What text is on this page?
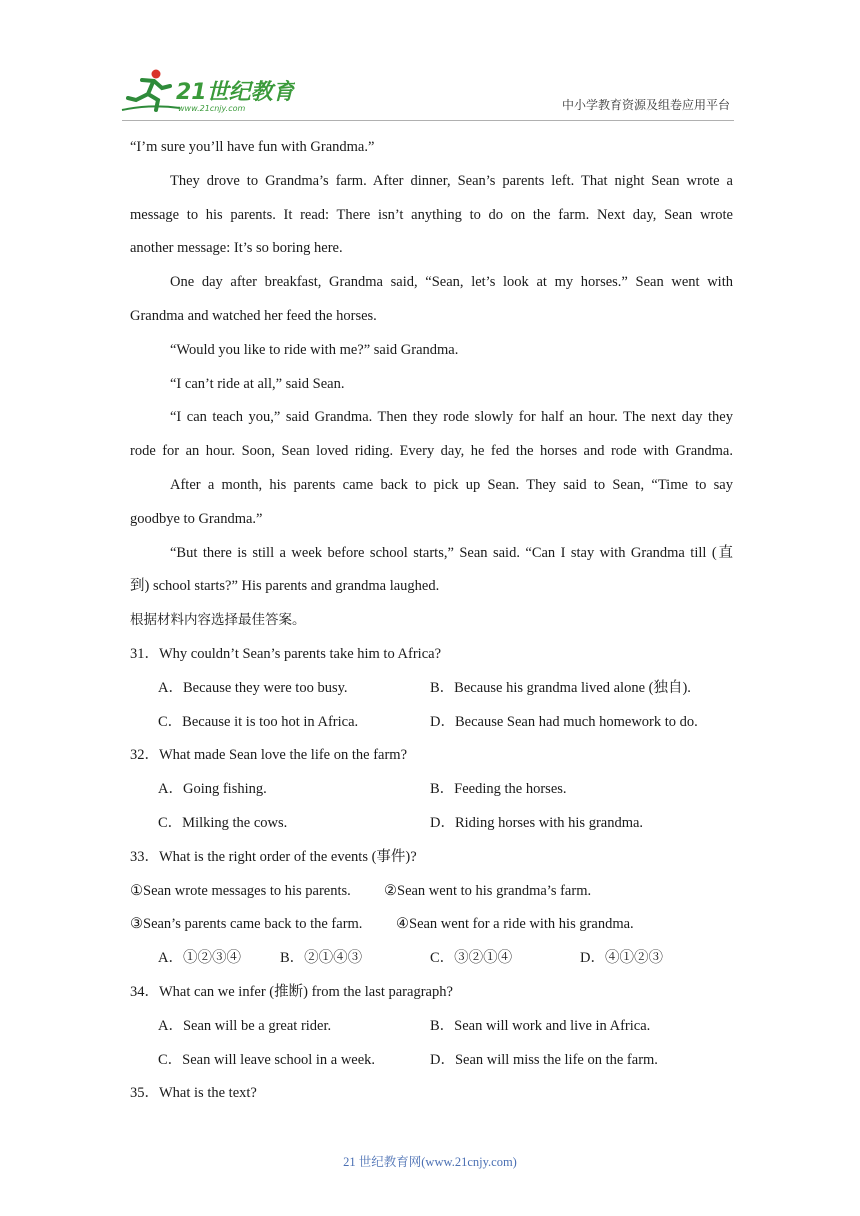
21世纪教育
www.21cnjy.com	中小学教育资源及组卷应用平台
“I’m sure you’ll have fun with Grandma.”
They drove to Grandma’s farm. After dinner, Sean’s parents left. That night Sean wrote a
message to his parents. It read: There isn’t anything to do on the farm. Next day, Sean wrote
another message: It’s so boring here.
One day after breakfast, Grandma said, “Sean, let’s look at my horses.” Sean went with
Grandma and watched her feed the horses.
“Would you like to ride with me?” said Grandma.
“I can’t ride at all,” said Sean.
“I can teach you,” said Grandma. Then they rode slowly for half an hour. The next day they
rode for an hour. Soon, Sean loved riding. Every day, he fed the horses and rode with Grandma.
After a month, his parents came back to pick up Sean. They said to Sean, “Time to say
goodbye to Grandma.”
“But there is still a week before school starts,” Sean said. “Can I stay with Grandma till (直
到) school starts?” His parents and grandma laughed.
根据材料内容选择最佳答案。
31．Why couldn’t Sean’s parents take him to Africa?
A．Because they were too busy.	B．Because his grandma lived alone (独自).
C．Because it is too hot in Africa.	D．Because Sean had much homework to do.
32．What made Sean love the life on the farm?
A．Going fishing.	B．Feeding the horses.
C．Milking the cows.	D．Riding horses with his grandma.
33．What is the right order of the events (事件)?
①Sean wrote messages to his parents. ②Sean went to his grandma’s farm.
③Sean’s parents came back to the farm. ④Sean went for a ride with his grandma.
A．①②③④	B．②①④③	C．③②①④	D．④①②③
34．What can we infer (推断) from the last paragraph?
A．Sean will be a great rider.	B．Sean will work and live in Africa.
C．Sean will leave school in a week.	D．Sean will miss the life on the farm.
35．What is the text?
21 世纪教育网(www.21cnjy.com)
